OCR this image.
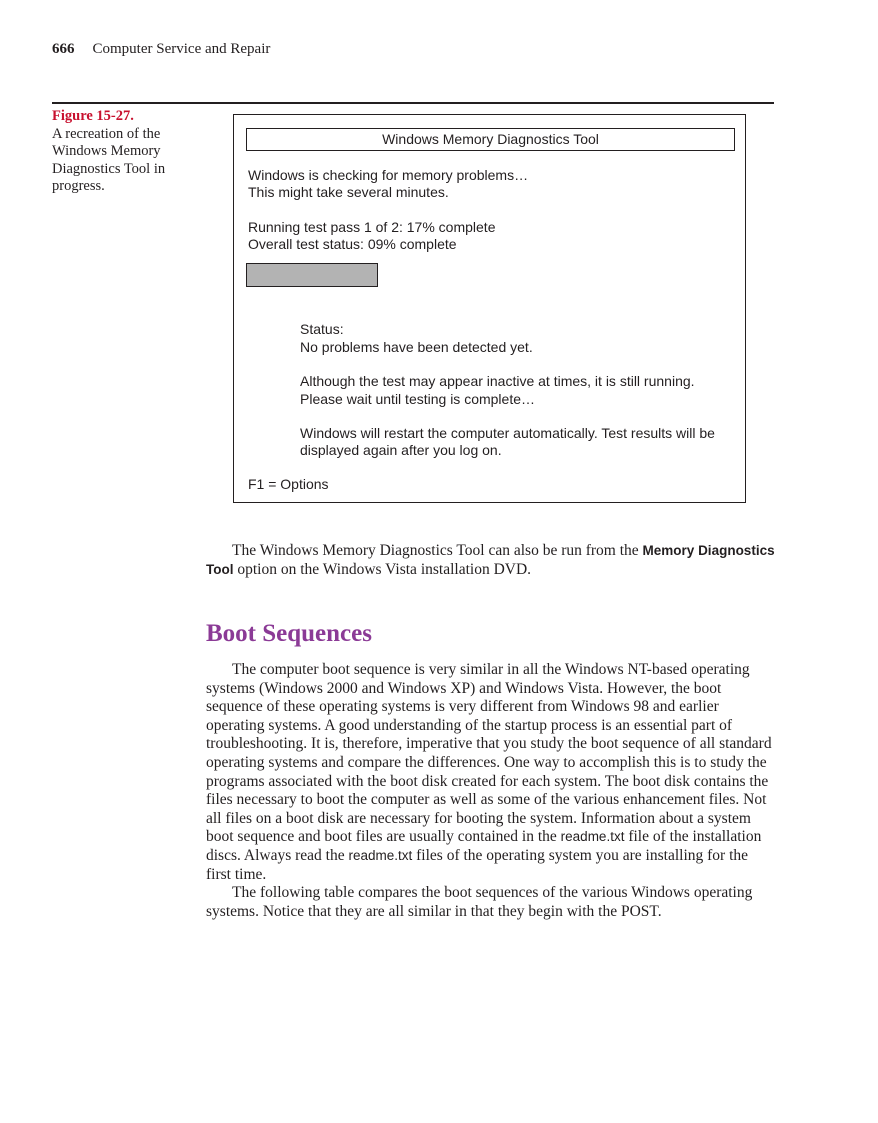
666 Computer Service and Repair
Figure 15-27.
A recreation of the Windows Memory Diagnostics Tool in progress.
Windows Memory Diagnostics Tool
Windows is checking for memory problems…
This might take several minutes.
Running test pass 1 of 2: 17% complete
Overall test status: 09% complete
Status:
No problems have been detected yet.
Although the test may appear inactive at times, it is still running.
Please wait until testing is complete…
Windows will restart the computer automatically. Test results will be
displayed again after you log on.
F1 = Options

The Windows Memory Diagnostics Tool can also be run from the Memory Diagnostics Tool option on the Windows Vista installation DVD.

Boot Sequences

The computer boot sequence is very similar in all the Windows NT-based operating systems (Windows 2000 and Windows XP) and Windows Vista. However, the boot sequence of these operating systems is very different from Windows 98 and earlier operating systems. A good understanding of the startup process is an essential part of troubleshooting. It is, therefore, imperative that you study the boot sequence of all standard operating systems and compare the differences. One way to accomplish this is to study the programs associated with the boot disk created for each system. The boot disk contains the files necessary to boot the computer as well as some of the various enhancement files. Not all files on a boot disk are necessary for booting the system. Information about a system boot sequence and boot files are usually contained in the readme.txt file of the installation discs. Always read the readme.txt files of the operating system you are installing for the first time.

The following table compares the boot sequences of the various Windows operating systems. Notice that they are all similar in that they begin with the POST.
